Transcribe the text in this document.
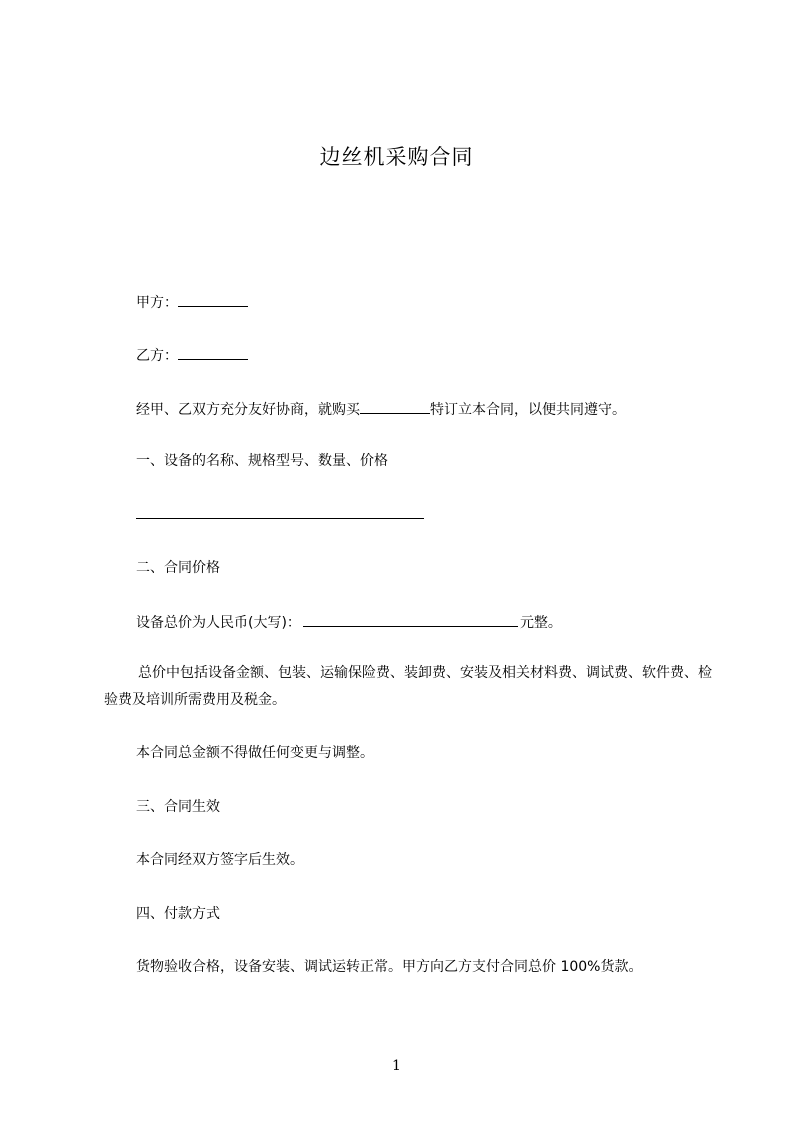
边丝机采购合同
甲方：
乙方：
经甲、乙双方充分友好协商，就购买	特订立本合同，以便共同遵守。
一、设备的名称、规格型号、数量、价格
二、合同价格
设备总价为人民币(大写)：	元整。
总价中包括设备金额、包装、运输保险费、装卸费、安装及相关材料费、调试费、软件费、检验费及培训所需费用及税金。
本合同总金额不得做任何变更与调整。
三、合同生效
本合同经双方签字后生效。
四、付款方式
货物验收合格，设备安装、调试运转正常。甲方向乙方支付合同总价 100%货款。
1
